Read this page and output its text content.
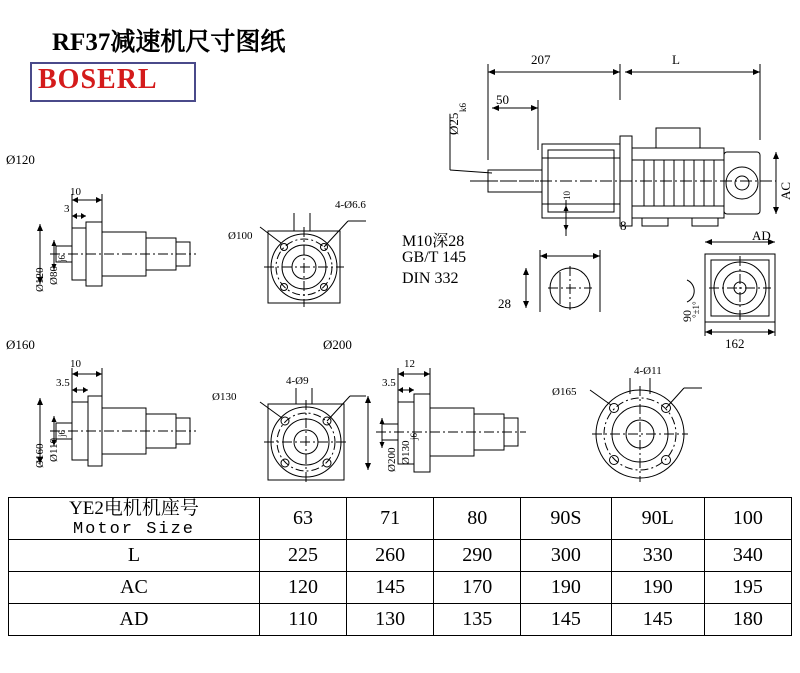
RF37减速机尺寸图纸
BOSERL
207	L
50
10
Ø25
k6
AC
M10深28
GB/T 145
DIN 332
8
28
AD
90
°±1°
162
Ø120
10
3
Ø120 Ø80
j6
4-Ø6.6
Ø100
Ø160
10
3.5
Ø160 Ø110
j6
4-Ø9
Ø130
Ø200
12
3.5
Ø200 Ø130
j6
4-Ø11
Ø165
YE2电机机座号
Motor Size	63	71	80	90S	90L	100
L	225	260	290	300	330	340
AC	120	145	170	190	190	195
AD	110	130	135	145	145	180
